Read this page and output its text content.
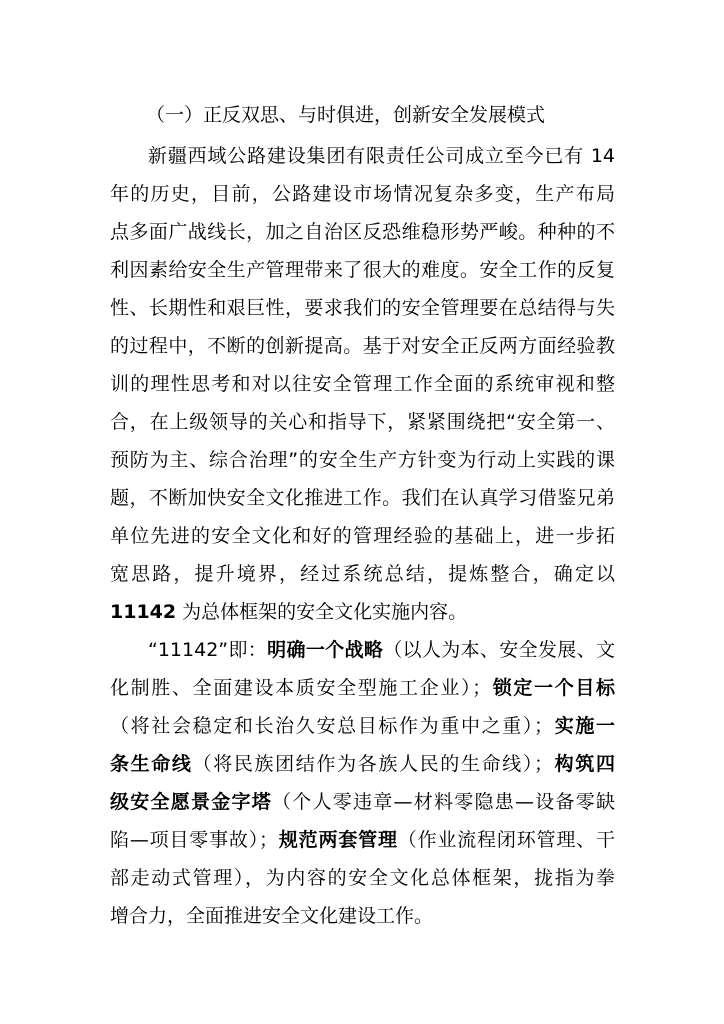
（一）正反双思、与时俱进，创新安全发展模式

新疆西域公路建设集团有限责任公司成立至今已有 14
年的历史，目前，公路建设市场情况复杂多变，生产布局
点多面广战线长，加之自治区反恐维稳形势严峻。种种的不
利因素给安全生产管理带来了很大的难度。安全工作的反复
性、长期性和艰巨性，要求我们的安全管理要在总结得与失
的过程中，不断的创新提高。基于对安全正反两方面经验教
训的理性思考和对以往安全管理工作全面的系统审视和整
合，在上级领导的关心和指导下，紧紧围绕把“安全第一、
预防为主、综合治理”的安全生产方针变为行动上实践的课
题，不断加快安全文化推进工作。我们在认真学习借鉴兄弟
单位先进的安全文化和好的管理经验的基础上，进一步拓
宽思路，提升境界，经过系统总结，提炼整合，确定以
11142 为总体框架的安全文化实施内容。
“11142”即：明确一个战略（以人为本、安全发展、文
化制胜、全面建设本质安全型施工企业）；锁定一个目标
（将社会稳定和长治久安总目标作为重中之重）；实施一
条生命线（将民族团结作为各族人民的生命线）；构筑四
级安全愿景金字塔（个人零违章—材料零隐患—设备零缺
陷—项目零事故）；规范两套管理（作业流程闭环管理、干
部走动式管理），为内容的安全文化总体框架，拢指为拳
增合力，全面推进安全文化建设工作。
